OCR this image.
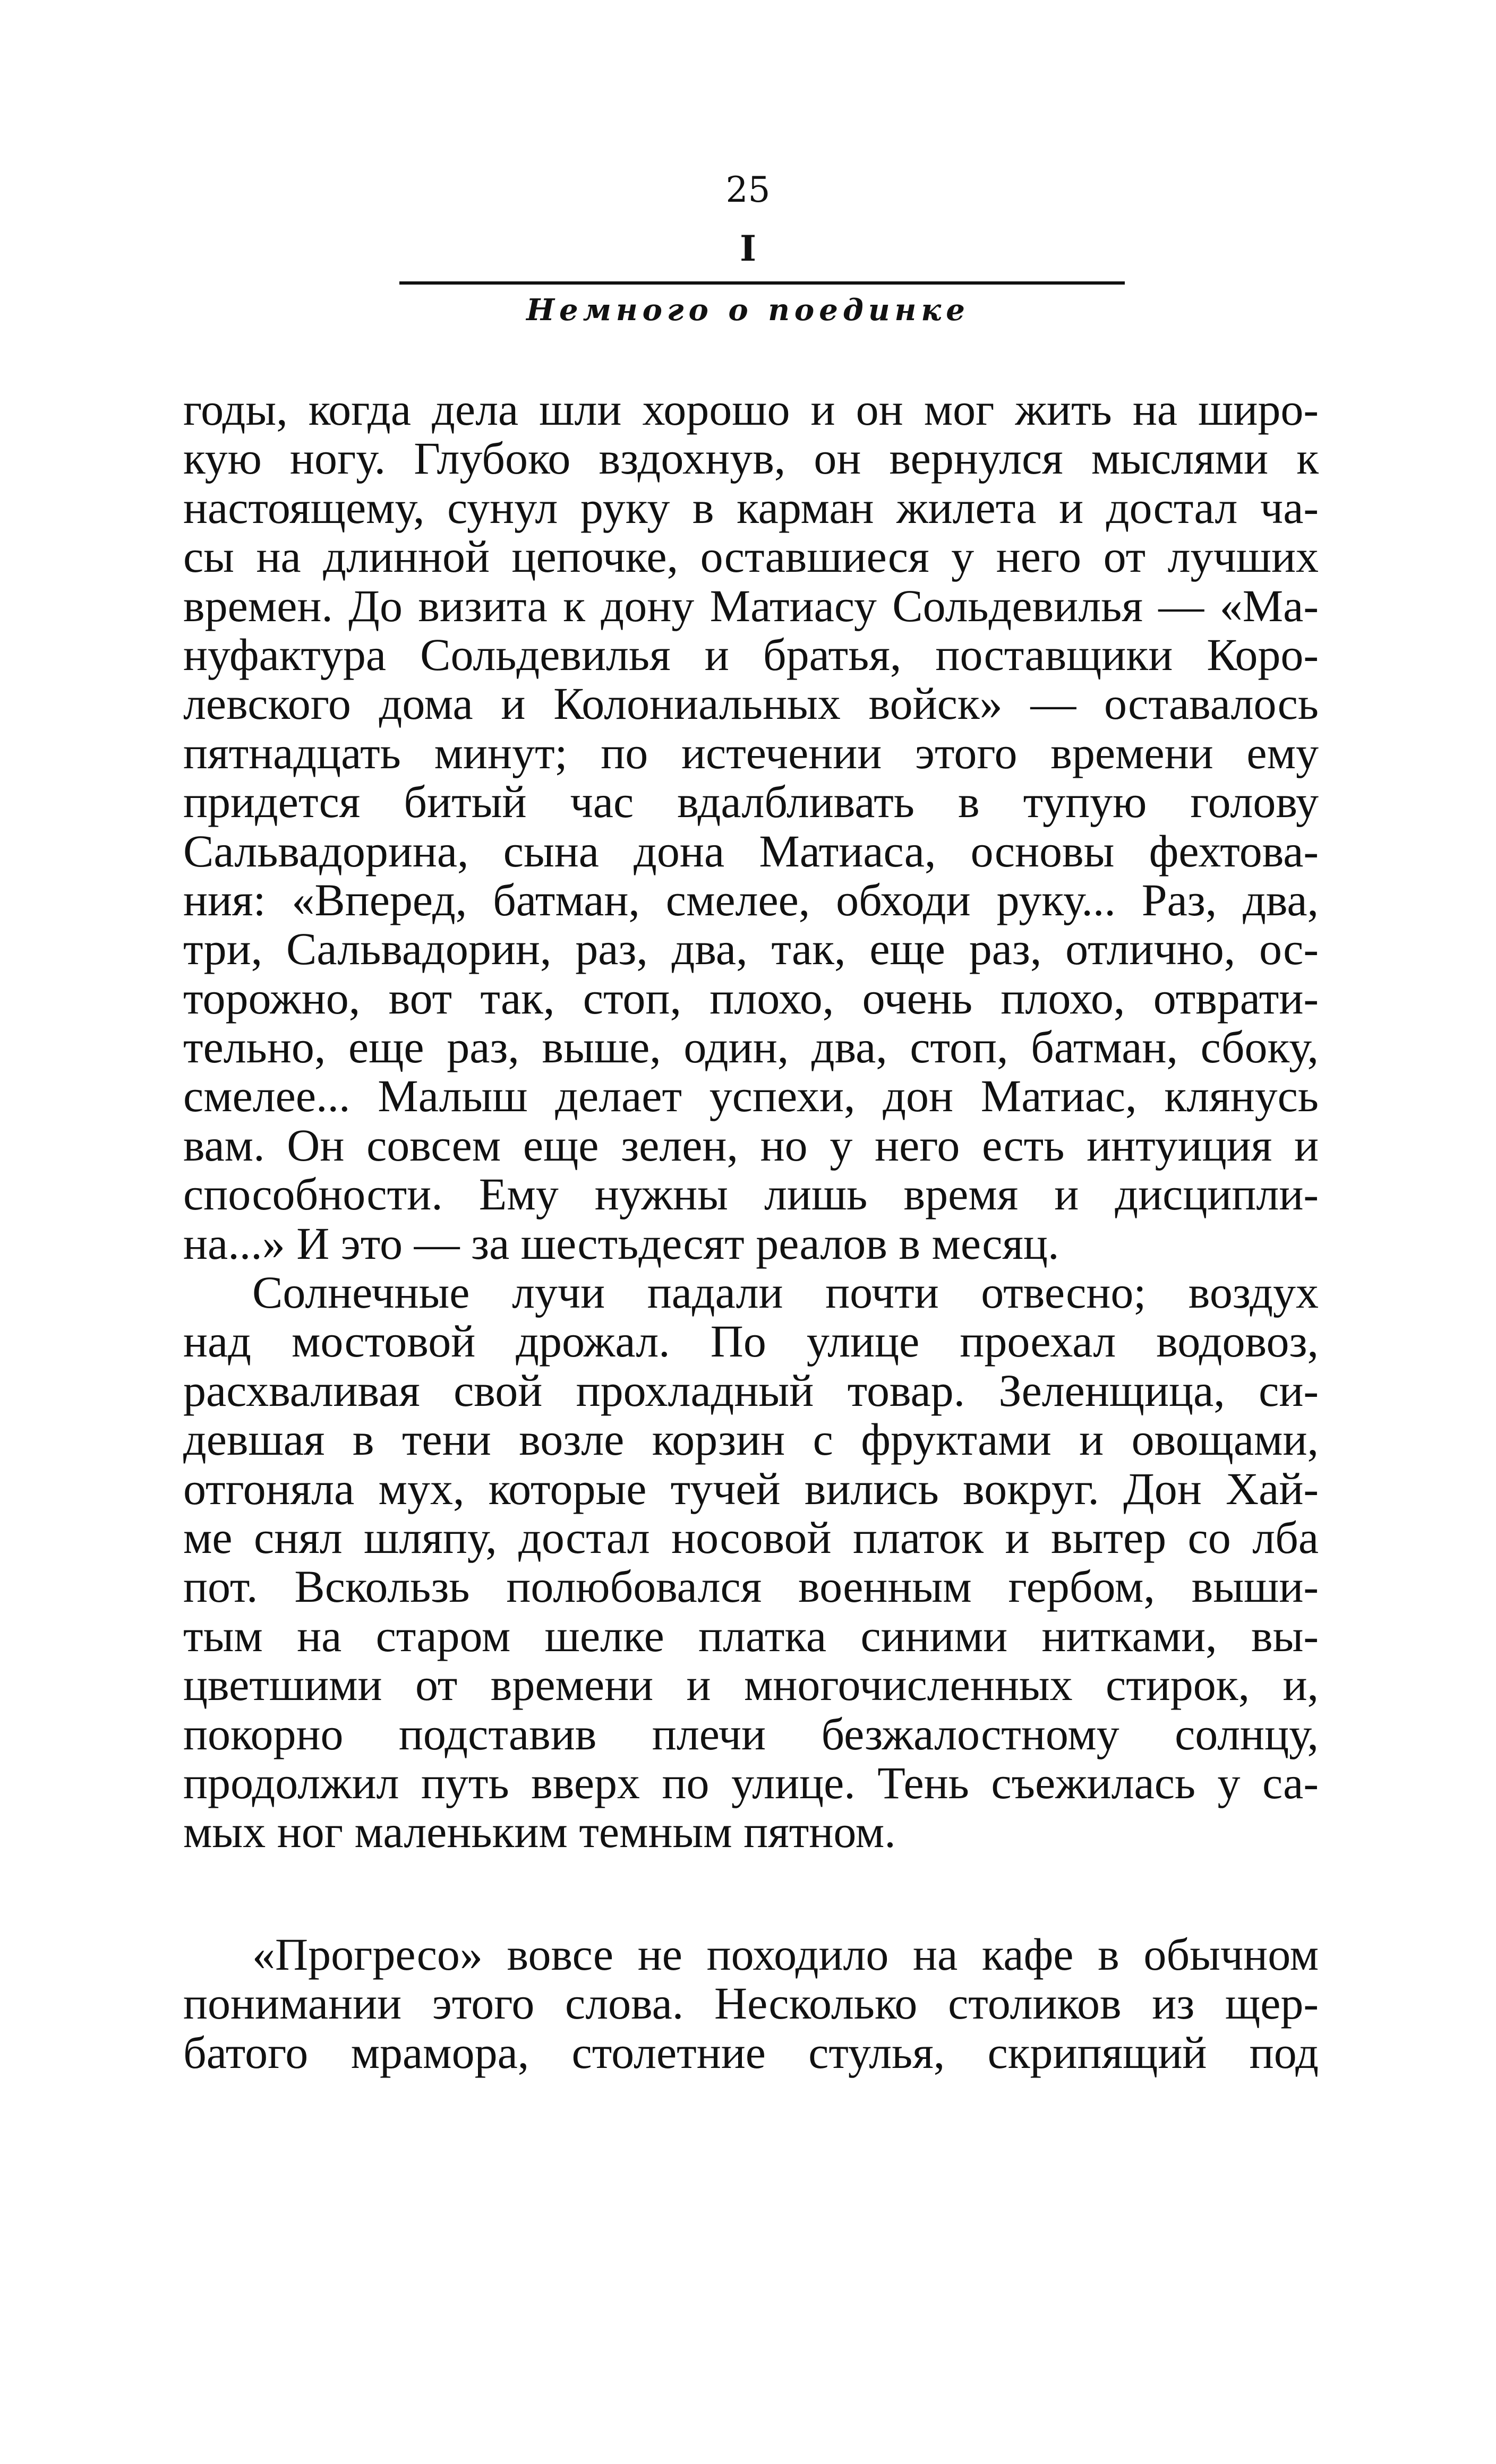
25
I
Немного о поединке
годы, когда дела шли хорошо и он мог жить на широ-
кую ногу. Глубоко вздохнув, он вернулся мыслями к
настоящему, сунул руку в карман жилета и достал ча-
сы на длинной цепочке, оставшиеся у него от лучших
времен. До визита к дону Матиасу Сольдевилья — «Ма-
нуфактура Сольдевилья и братья, поставщики Коро-
левского дома и Колониальных войск» — оставалось
пятнадцать минут; по истечении этого времени ему
придется битый час вдалбливать в тупую голову
Сальвадорина, сына дона Матиаса, основы фехтова-
ния: «Вперед, батман, смелее, обходи руку... Раз, два,
три, Сальвадорин, раз, два, так, еще раз, отлично, ос-
торожно, вот так, стоп, плохо, очень плохо, отврати-
тельно, еще раз, выше, один, два, стоп, батман, сбоку,
смелее... Малыш делает успехи, дон Матиас, клянусь
вам. Он совсем еще зелен, но у него есть интуиция и
способности. Ему нужны лишь время и дисципли-
на...» И это — за шестьдесят реалов в месяц.
Солнечные лучи падали почти отвесно; воздух
над мостовой дрожал. По улице проехал водовоз,
расхваливая свой прохладный товар. Зеленщица, си-
девшая в тени возле корзин с фруктами и овощами,
отгоняла мух, которые тучей вились вокруг. Дон Хай-
ме снял шляпу, достал носовой платок и вытер со лба
пот. Вскользь полюбовался военным гербом, выши-
тым на старом шелке платка синими нитками, вы-
цветшими от времени и многочисленных стирок, и,
покорно подставив плечи безжалостному солнцу,
продолжил путь вверх по улице. Тень съежилась у са-
мых ног маленьким темным пятном.
«Прогресо» вовсе не походило на кафе в обычном
понимании этого слова. Несколько столиков из щер-
батого мрамора, столетние стулья, скрипящий под
